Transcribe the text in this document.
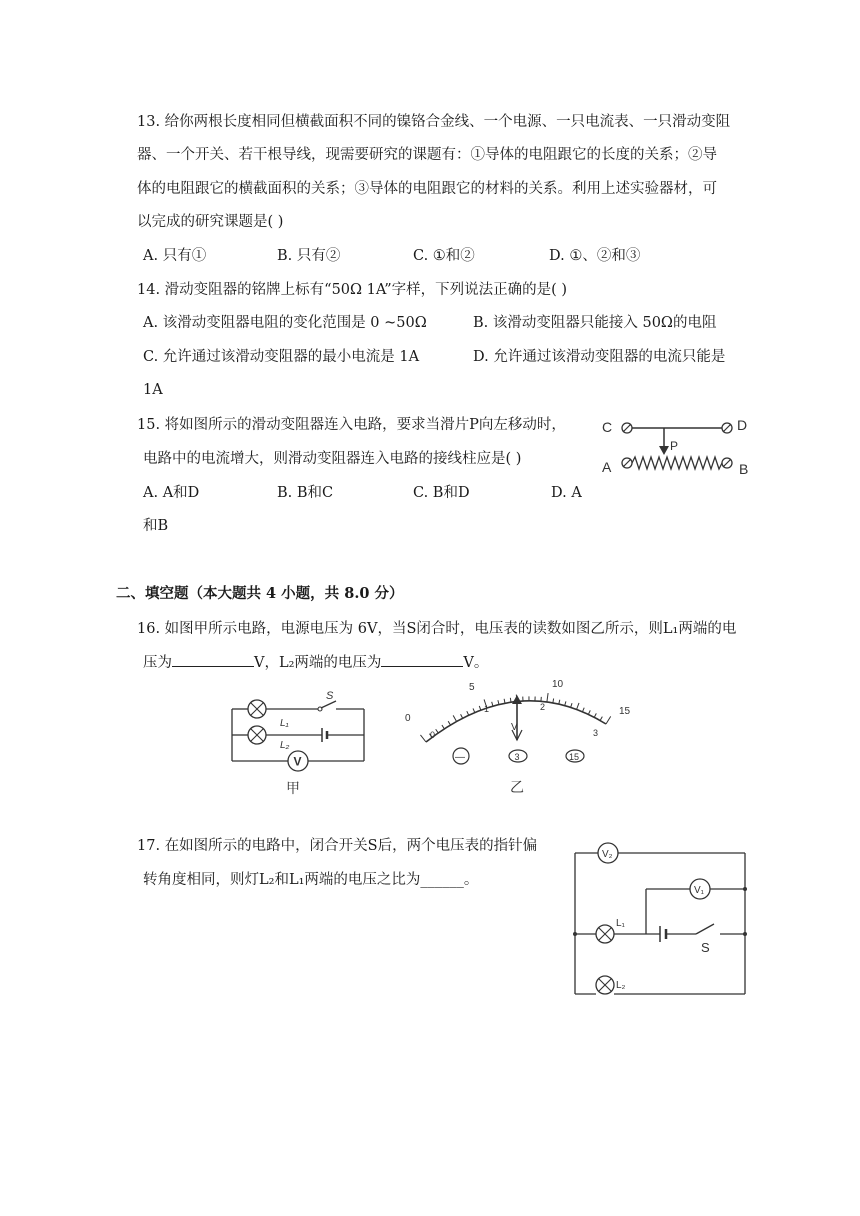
13. 给你两根长度相同但横截面积不同的镍铬合金线、一个电源、一只电流表、一只滑动变阻
器、一个开关、若干根导线，现需要研究的课题有：①导体的电阻跟它的长度的关系；②导
体的电阻跟它的横截面积的关系；③导体的电阻跟它的材料的关系。利用上述实验器材，可
以完成的研究课题是( )
A. 只有①	B. 只有②	C. ①和②	D. ①、②和③
14. 滑动变阻器的铭牌上标有“50Ω 1A”字样，下列说法正确的是( )
A. 该滑动变阻器电阻的变化范围是 0 ~50Ω	B. 该滑动变阻器只能接入 50Ω的电阻
C. 允许通过该滑动变阻器的最小电流是 1A	D. 允许通过该滑动变阻器的电流只能是
1A
15. 将如图所示的滑动变阻器连入电路，要求当滑片P向左移动时，
电路中的电流增大，则滑动变阻器连入电路的接线柱应是( )
A. A和D	B. B和C	C. B和D	D. A
和B
C	D
P
A	B
二、填空题（本大题共 4 小题，共 8.0 分）
16. 如图甲所示电路，电源电压为 6V，当S闭合时，电压表的读数如图乙所示，则L₁两端的电
压为	V，L₂两端的电压为	V。
S
L₁
L₂
V
甲
0
5	10
15
0
1	2
3
V
—	3	15
乙
17. 在如图所示的电路中，闭合开关S后，两个电压表的指针偏
转角度相同，则灯L₂和L₁两端的电压之比为______。
V₂
L₁
S
V₁
L₂
